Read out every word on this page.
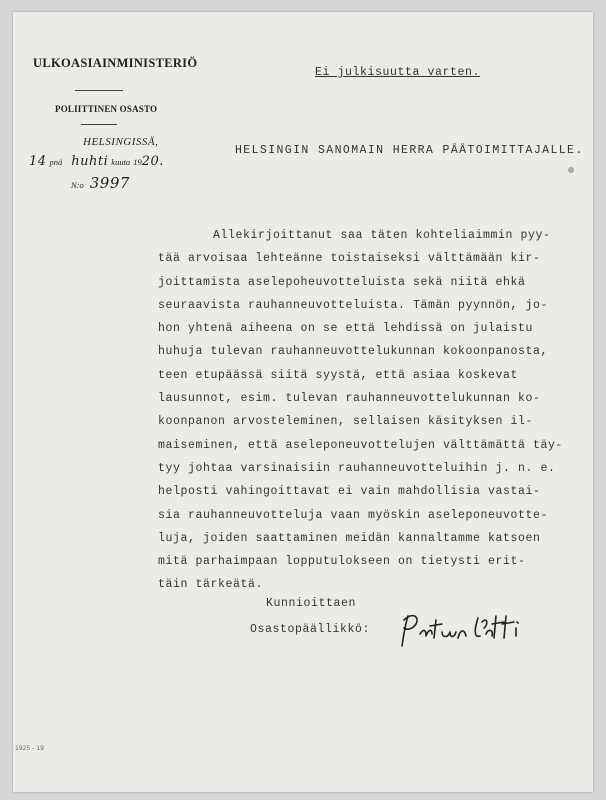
ULKOASIAINMINISTERIÖ
POLIITTINEN OSASTO
HELSINGISSÄ,
14 pnä huhti kuuta 1920.
N:o 3997
Ei julkisuutta varten.
HELSINGIN SANOMAIN HERRA PÄÄTOIMITTAJALLE.
Allekirjoittanut saa täten kohteliaimmin pyy-
tää arvoisaa lehteänne toistaiseksi välttämään kir-
joittamista aselepoheuvotteluista sekä niitä ehkä
seuraavista rauhanneuvotteluista. Tämän pyynnön, jo-
hon yhtenä aiheena on se että lehdissä on julaistu
huhuja tulevan rauhanneuvottelukunnan kokoonpanosta,
teen etupäässä siitä syystä, että asiaa koskevat
lausunnot, esim. tulevan rauhanneuvottelukunnan ko-
koonpanon arvosteleminen, sellaisen käsityksen il-
maiseminen, että aseleponeuvottelujen välttämättä täy-
tyy johtaa varsinaisiin rauhanneuvotteluihin j. n. e.
helposti vahingoittavat ei vain mahdollisia vastai-
sia rauhanneuvotteluja vaan myöskin aseleponeuvotte-
luja, joiden saattaminen meidän kannaltamme katsoen
mitä parhaimpaan lopputulokseen on tietysti erit-
täin tärkeätä.
Kunnioittaen
Osastopäällikkö:
1925 - 19
